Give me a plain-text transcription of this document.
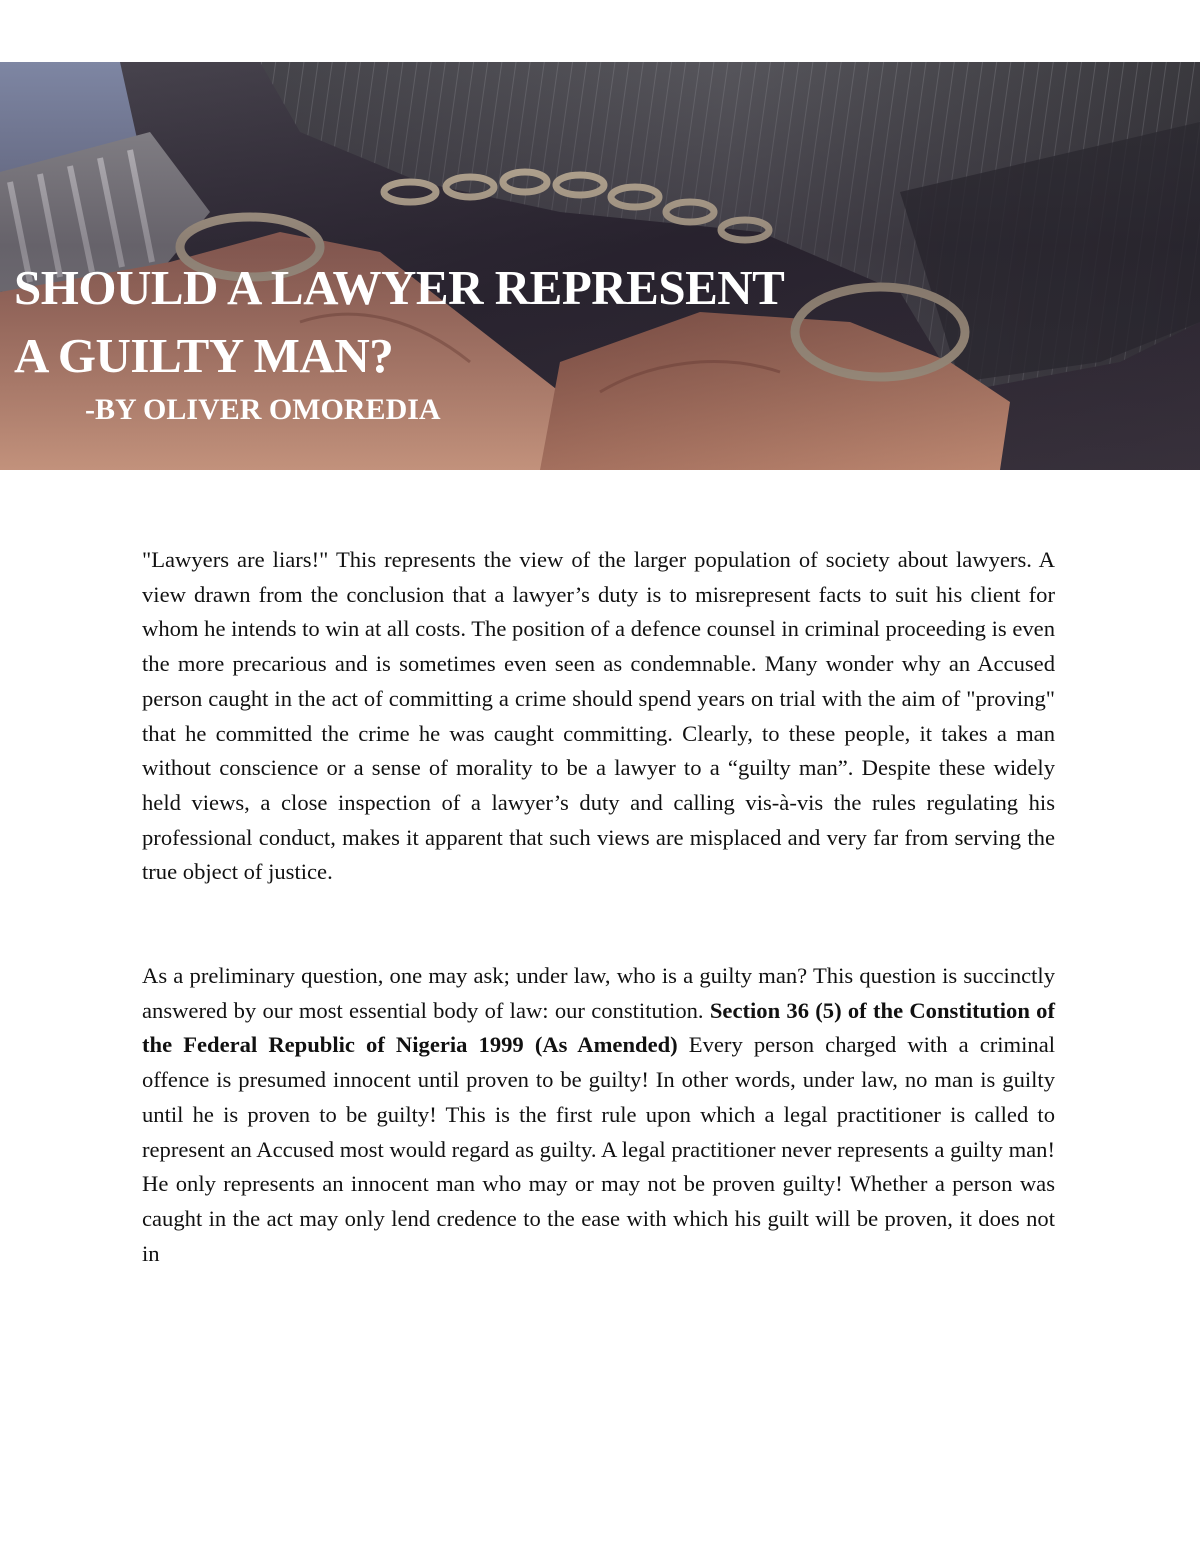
SHOULD A LAWYER REPRESENT
A GUILTY MAN?
-BY OLIVER OMOREDIA

"Lawyers are liars!" This represents the view of the larger population of society about lawyers. A view drawn from the conclusion that a lawyer’s duty is to misrepresent facts to suit his client for whom he intends to win at all costs. The position of a defence counsel in criminal proceeding is even the more precarious and is sometimes even seen as condemnable. Many wonder why an Accused person caught in the act of committing a crime should spend years on trial with the aim of "proving" that he committed the crime he was caught committing. Clearly, to these people, it takes a man without conscience or a sense of morality to be a lawyer to a “guilty man”. Despite these widely held views, a close inspection of a lawyer’s duty and calling vis-à-vis the rules regulating his professional conduct, makes it apparent that such views are misplaced and very far from serving the true object of justice.

As a preliminary question, one may ask; under law, who is a guilty man? This question is succinctly answered by our most essential body of law: our constitution. Section 36 (5) of the Constitution of the Federal Republic of Nigeria 1999 (As Amended) Every person charged with a criminal offence is presumed innocent until proven to be guilty! In other words, under law, no man is guilty until he is proven to be guilty! This is the first rule upon which a legal practitioner is called to represent an Accused most would regard as guilty. A legal practitioner never represents a guilty man! He only represents an innocent man who may or may not be proven guilty! Whether a person was caught in the act may only lend credence to the ease with which his guilt will be proven, it does not in
